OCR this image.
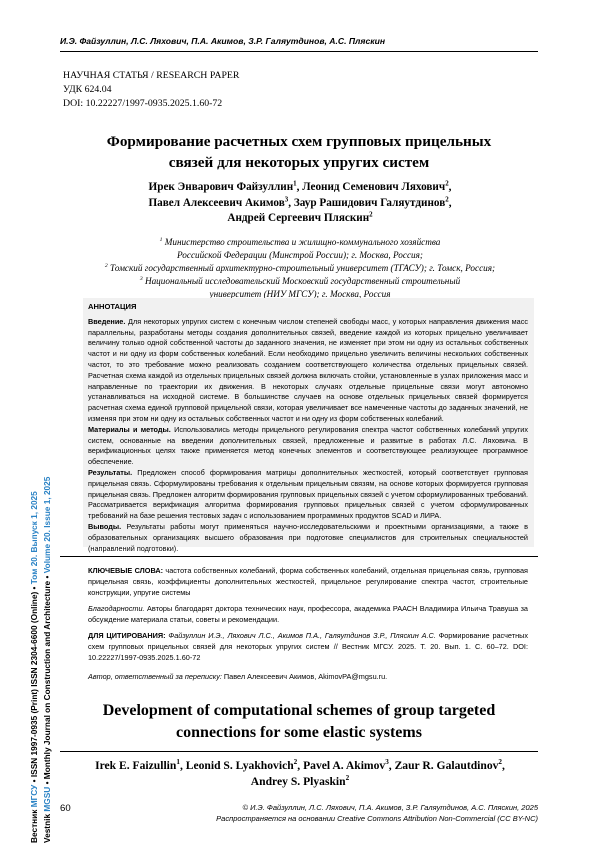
И.Э. Файзуллин, Л.С. Ляхович, П.А. Акимов, З.Р. Галяутдинов, А.С. Пляскин
НАУЧНАЯ СТАТЬЯ / RESEARCH PAPER
УДК 624.04
DOI: 10.22227/1997-0935.2025.1.60-72
Формирование расчетных схем групповых прицельных
связей для некоторых упругих систем
Ирек Энварович Файзуллин1, Леонид Семенович Ляхович2,
Павел Алексеевич Акимов3, Заур Рашидович Галяутдинов2,
Андрей Сергеевич Пляскин2
1 Министерство строительства и жилищно-коммунального хозяйства
Российской Федерации (Минстрой России); г. Москва, Россия;
2 Томский государственный архитектурно-строительный университет (ТГАСУ); г. Томск, Россия;
3 Национальный исследовательский Московский государственный строительный
университет (НИУ МГСУ); г. Москва, Россия

АННОТАЦИЯ

Введение. Для некоторых упругих систем с конечным числом степеней свободы масс, у которых направления движения масс параллельны, разработаны методы создания дополнительных связей, введение каждой из которых прицельно увеличивает величину только одной собственной частоты до заданного значения, не изменяет при этом ни одну из остальных собственных частот и ни одну из форм собственных колебаний. Если необходимо прицельно увеличить величины нескольких собственных частот, то это требование можно реализовать созданием соответствующего количества отдельных прицельных связей. Расчетная схема каждой из отдельных прицельных связей должна включать стойки, установленные в узлах приложения масс и направленные по траектории их движения. В некоторых случаях отдельные прицельные связи могут автономно устанавливаться на исходной системе. В большинстве случаев на основе отдельных прицельных связей формируется расчетная схема единой групповой прицельной связи, которая увеличивает все намеченные частоты до заданных значений, не изменяя при этом ни одну из остальных собственных частот и ни одну из форм собственных колебаний.

Материалы и методы. Использовались методы прицельного регулирования спектра частот собственных колебаний упругих систем, основанные на введении дополнительных связей, предложенные и развитые в работах Л.С. Ляховича. В верификационных целях также применяется метод конечных элементов и соответствующее реализующее программное обеспечение.

Результаты. Предложен способ формирования матрицы дополнительных жесткостей, который соответствует групповая прицельная связь. Сформулированы требования к отдельным прицельным связям, на основе которых формируется групповая прицельная связь. Предложен алгоритм формирования групповых прицельных связей с учетом сформулированных требований. Рассматривается верификация алгоритма формирования групповых прицельных связей с учетом сформулированных требований на базе решения тестовых задач с использованием программных продуктов SCAD и ЛИРА.

Выводы. Результаты работы могут применяться научно-исследовательскими и проектными организациями, а также в образовательных организациях высшего образования при подготовке специалистов для строительных специальностей (направлений подготовки).

КЛЮЧЕВЫЕ СЛОВА: частота собственных колебаний, форма собственных колебаний, отдельная прицельная связь, групповая прицельная связь, коэффициенты дополнительных жесткостей, прицельное регулирование спектра частот, строительные конструкции, упругие системы
Благодарности. Авторы благодарят доктора технических наук, профессора, академика РААСН Владимира Ильича Травуша за обсуждение материала статьи, советы и рекомендации.
ДЛЯ ЦИТИРОВАНИЯ: Файзуллин И.Э., Ляхович Л.С., Акимов П.А., Галяутдинов З.Р., Пляскин А.С. Формирование расчетных схем групповых прицельных связей для некоторых упругих систем // Вестник МГСУ. 2025. Т. 20. Вып. 1. С. 60–72. DOI: 10.22227/1997-0935.2025.1.60-72
Автор, ответственный за переписку: Павел Алексеевич Акимов, AkimovPA@mgsu.ru.
Development of computational schemes of group targeted
connections for some elastic systems
Irek E. Faizullin1, Leonid S. Lyakhovich2, Pavel A. Akimov3, Zaur R. Galautdinov2,
Andrey S. Plyaskin2
Вестник МГСУ • ISSN 1997-0935 (Print) ISSN 2304-6600 (Online) • Том 20. Выпуск 1, 2025
Vestnik MGSU • Monthly Journal on Construction and Architecture • Volume 20. Issue 1, 2025
60	© И.Э. Файзуллин, Л.С. Ляхович, П.А. Акимов, З.Р. Галяутдинов, А.С. Пляскин, 2025
Распространяется на основании Creative Commons Attribution Non-Commercial (CC BY-NC)
